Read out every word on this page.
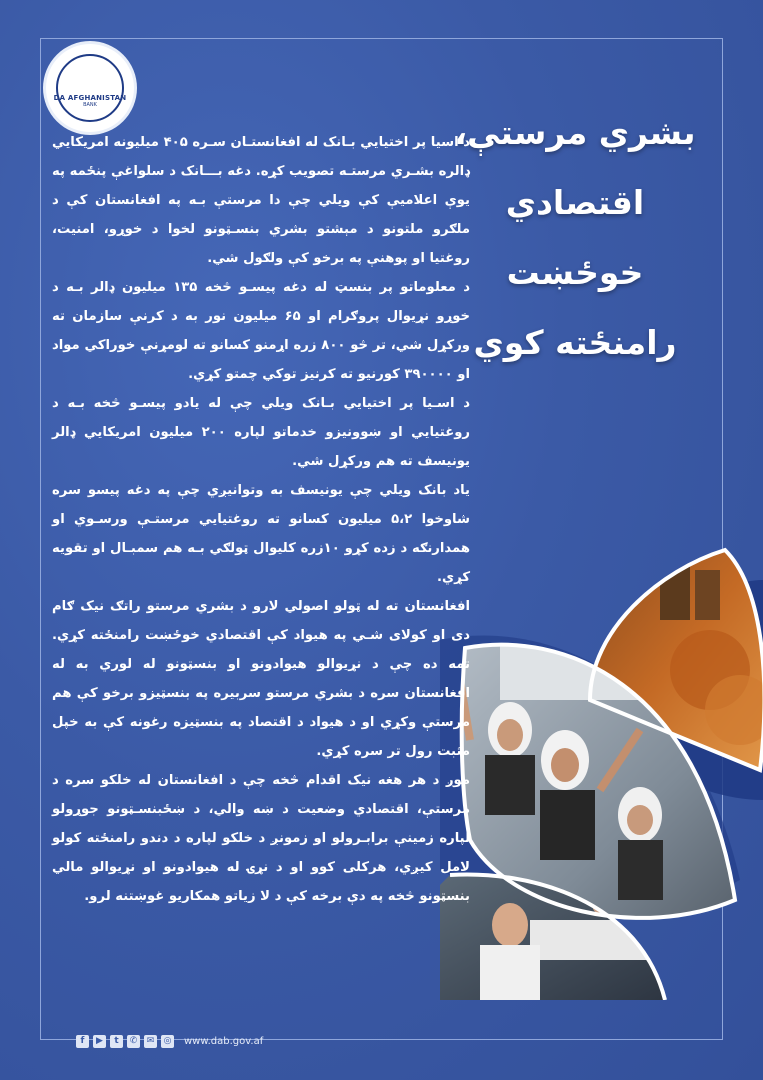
DA AFGHANISTAN
BANK
بشري مرستې،
اقتصادي خوځښت
رامنځته کوي

د اسيا پر اختيايي بـانک له افغانستـان سـره ۴۰۵ ميليونه امريکايي ډالره بشـري مرستـه تصويب کړه. دغه بـــانک د سلواغې پنځمه په يوې اعلاميې کې ويلي چې دا مرستې بـه په افغانستان کې د ملګرو ملتونو د مېشتو بشري بنسـټونو لخوا د خوړو، امنيت، روغتيا او پوهنې په برخو کې ولګول شي.

د معلوماتو پر بنسټ له دغه پيسـو څخه ۱۳۵ ميليون ډالر بـه د خوړو نړيوال پروګرام او ۶۵ ميليون نور به د کرنې سازمان ته ورکړل شي، تر څو ۸۰۰ زره اړمنو کسانو ته لومړنې خوراکي مواد او ۳۹۰۰۰۰ کورنيو ته کرنيز توکي چمتو کړي.

د اسـيا پر اختيايي بـانک ويلي چې له يادو پيسـو څخه بـه د روغتيايي او ښوونيزو خدماتو لپاره ۲۰۰ ميليون امريکايي ډالر يونيسف ته هم ورکړل شي.

ياد بانک ويلي چې يونيسف به وتوانيږي چې په دغه پيسو سره شاوخوا ۵،۲ ميليون کسانو ته روغتيايي مرستـې ورسـوي او همدارنګه د زده کړو ۱۰زره کليوال ټولګي بـه هم سمبـال او تقويه کړي.

افغانستان ته له ټولو اصولي لارو د بشري مرستو راتګ نيک ګام دی او کولای شـي په هيواد کې اقتصادي خوځښت رامنځته کړي. تمه ده چې د نړيوالو هيوادونو او بنسټونو له لوري به له افغانستان سره د بشري مرستو سربيره په بنسټيزو برخو کې هم مرستې وکړي او د هيواد د اقتصاد په بنسټيزه رغونه کې به خپل مثبت رول تر سره کړي.

موږ د هر هغه نيک اقدام څخه چې د افغانستان له خلکو سره د مرستې، اقتصادي وضعيت د ښه والي، د ښځبنسـټونو جوړولو لپاره زمينې برابـرولو او زمونږ د خلکو لپاره د دندو رامنځته کولو لامل کيږي، هرکلی کوو او د نړۍ له هيوادونو او نړيوالو مالي بنسټونو څخه په دې برخه کې د لا زياتو همکاريو غوښتنه لرو.

f	▶	t	✆	✉	◎ www.dab.gov.af
